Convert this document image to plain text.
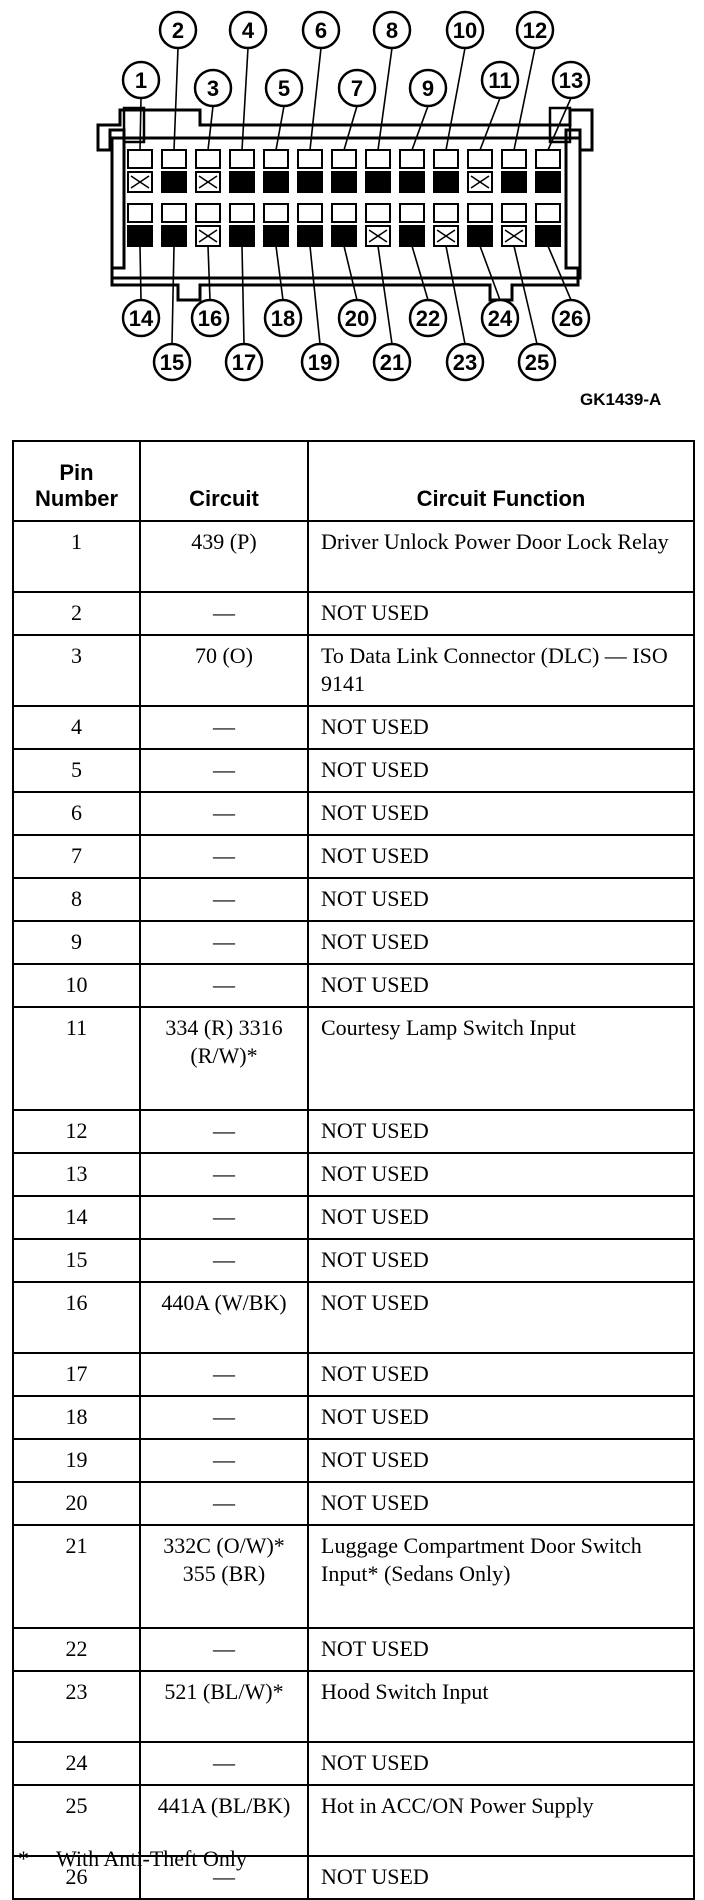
1
2
3
4
5
6
7
8
9
10
11
12
13
14
15
16
17
18
19
20
21
22
23
24
25
26
GK1439-A
Pin
Number	Circuit	Circuit Function
1	439 (P)	Driver Unlock Power Door Lock Relay
2	—	NOT USED
3	70 (O)	To Data Link Connector (DLC) — ISO 9141
4	—	NOT USED
5	—	NOT USED
6	—	NOT USED
7	—	NOT USED
8	—	NOT USED
9	—	NOT USED
10	—	NOT USED
11	334 (R) 3316 (R/W)*	Courtesy Lamp Switch Input
12	—	NOT USED
13	—	NOT USED
14	—	NOT USED
15	—	NOT USED
16	440A (W/BK)	NOT USED
17	—	NOT USED
18	—	NOT USED
19	—	NOT USED
20	—	NOT USED
21	332C (O/W)* 355 (BR)	Luggage Compartment Door Switch Input* (Sedans Only)
22	—	NOT USED
23	521 (BL/W)*	Hood Switch Input
24	—	NOT USED
25	441A (BL/BK)	Hot in ACC/ON Power Supply
26	—	NOT USED
* With Anti-Theft Only
